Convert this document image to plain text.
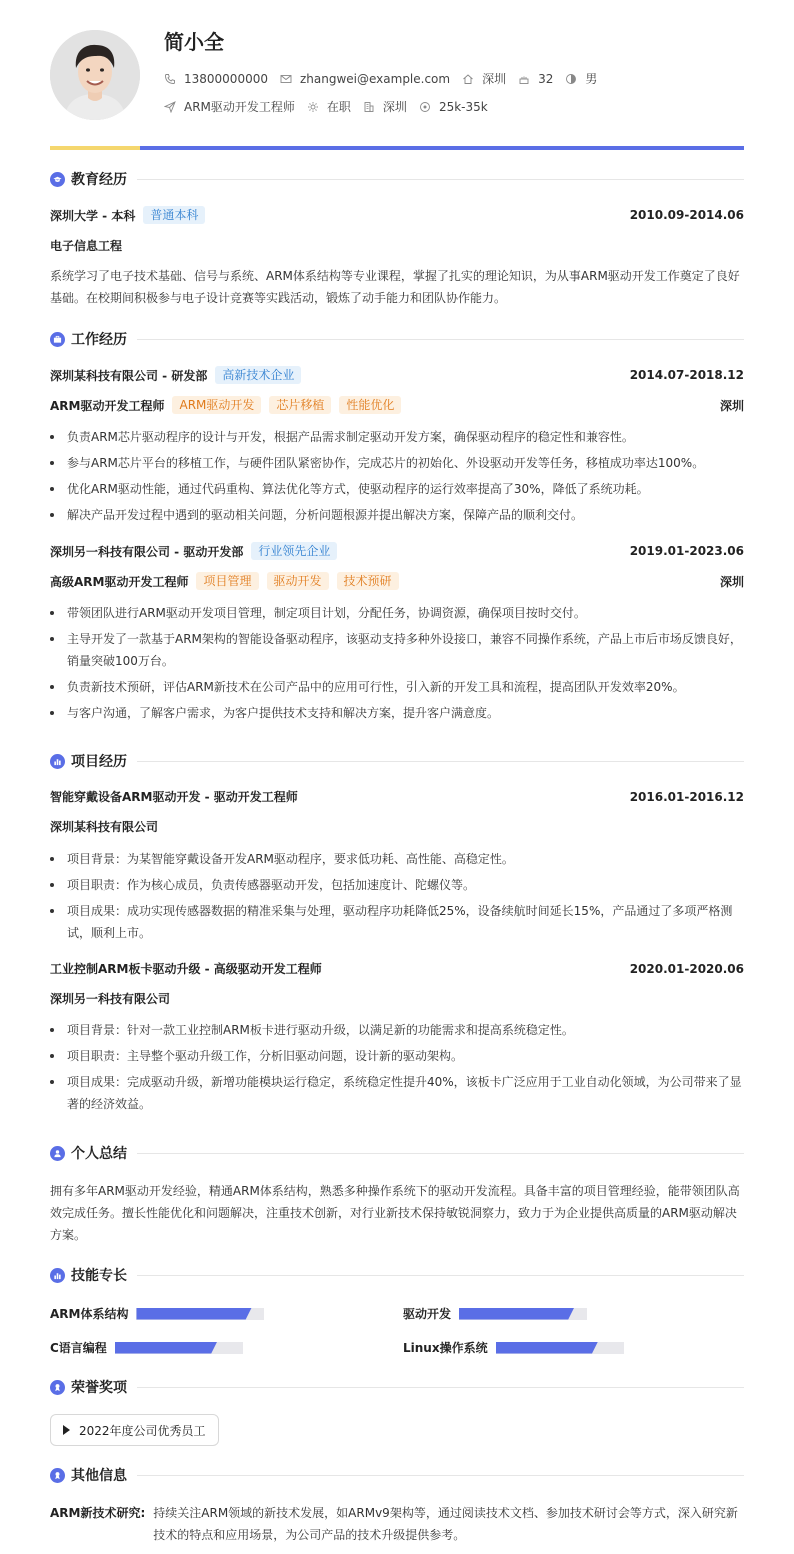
简小全
13800000000	zhangwei@example.com	深圳	32	男
ARM驱动开发工程师	在职	深圳	25k-35k
教育经历
深圳大学 - 本科	普通本科	2010.09-2014.06
电子信息工程
系统学习了电子技术基础、信号与系统、ARM体系结构等专业课程，掌握了扎实的理论知识，为从事ARM驱动开发工作奠定了良好基础。在校期间积极参与电子设计竞赛等实践活动，锻炼了动手能力和团队协作能力。
工作经历
深圳某科技有限公司 - 研发部	高新技术企业	2014.07-2018.12
ARM驱动开发工程师	ARM驱动开发	芯片移植	性能优化	深圳
负责ARM芯片驱动程序的设计与开发，根据产品需求制定驱动开发方案，确保驱动程序的稳定性和兼容性。
参与ARM芯片平台的移植工作，与硬件团队紧密协作，完成芯片的初始化、外设驱动开发等任务，移植成功率达100%。
优化ARM驱动性能，通过代码重构、算法优化等方式，使驱动程序的运行效率提高了30%，降低了系统功耗。
解决产品开发过程中遇到的驱动相关问题，分析问题根源并提出解决方案，保障产品的顺利交付。
深圳另一科技有限公司 - 驱动开发部	行业领先企业	2019.01-2023.06
高级ARM驱动开发工程师	项目管理	驱动开发	技术预研	深圳
带领团队进行ARM驱动开发项目管理，制定项目计划，分配任务，协调资源，确保项目按时交付。
主导开发了一款基于ARM架构的智能设备驱动程序，该驱动支持多种外设接口，兼容不同操作系统，产品上市后市场反馈良好，销量突破100万台。
负责新技术预研，评估ARM新技术在公司产品中的应用可行性，引入新的开发工具和流程，提高团队开发效率20%。
与客户沟通，了解客户需求，为客户提供技术支持和解决方案，提升客户满意度。
项目经历
智能穿戴设备ARM驱动开发 - 驱动开发工程师	2016.01-2016.12
深圳某科技有限公司
项目背景：为某智能穿戴设备开发ARM驱动程序，要求低功耗、高性能、高稳定性。
项目职责：作为核心成员，负责传感器驱动开发，包括加速度计、陀螺仪等。
项目成果：成功实现传感器数据的精准采集与处理，驱动程序功耗降低25%，设备续航时间延长15%，产品通过了多项严格测试，顺利上市。
工业控制ARM板卡驱动升级 - 高级驱动开发工程师	2020.01-2020.06
深圳另一科技有限公司
项目背景：针对一款工业控制ARM板卡进行驱动升级，以满足新的功能需求和提高系统稳定性。
项目职责：主导整个驱动升级工作，分析旧驱动问题，设计新的驱动架构。
项目成果：完成驱动升级，新增功能模块运行稳定，系统稳定性提升40%，该板卡广泛应用于工业自动化领域，为公司带来了显著的经济效益。
个人总结
拥有多年ARM驱动开发经验，精通ARM体系结构，熟悉多种操作系统下的驱动开发流程。具备丰富的项目管理经验，能带领团队高效完成任务。擅长性能优化和问题解决，注重技术创新，对行业新技术保持敏锐洞察力，致力于为企业提供高质量的ARM驱动解决方案。
技能专长
ARM体系结构	驱动开发
C语言编程	Linux操作系统
荣誉奖项
2022年度公司优秀员工
其他信息
ARM新技术研究: 持续关注ARM领域的新技术发展，如ARMv9架构等，通过阅读技术文档、参加技术研讨会等方式，深入研究新技术的特点和应用场景，为公司产品的技术升级提供参考。
